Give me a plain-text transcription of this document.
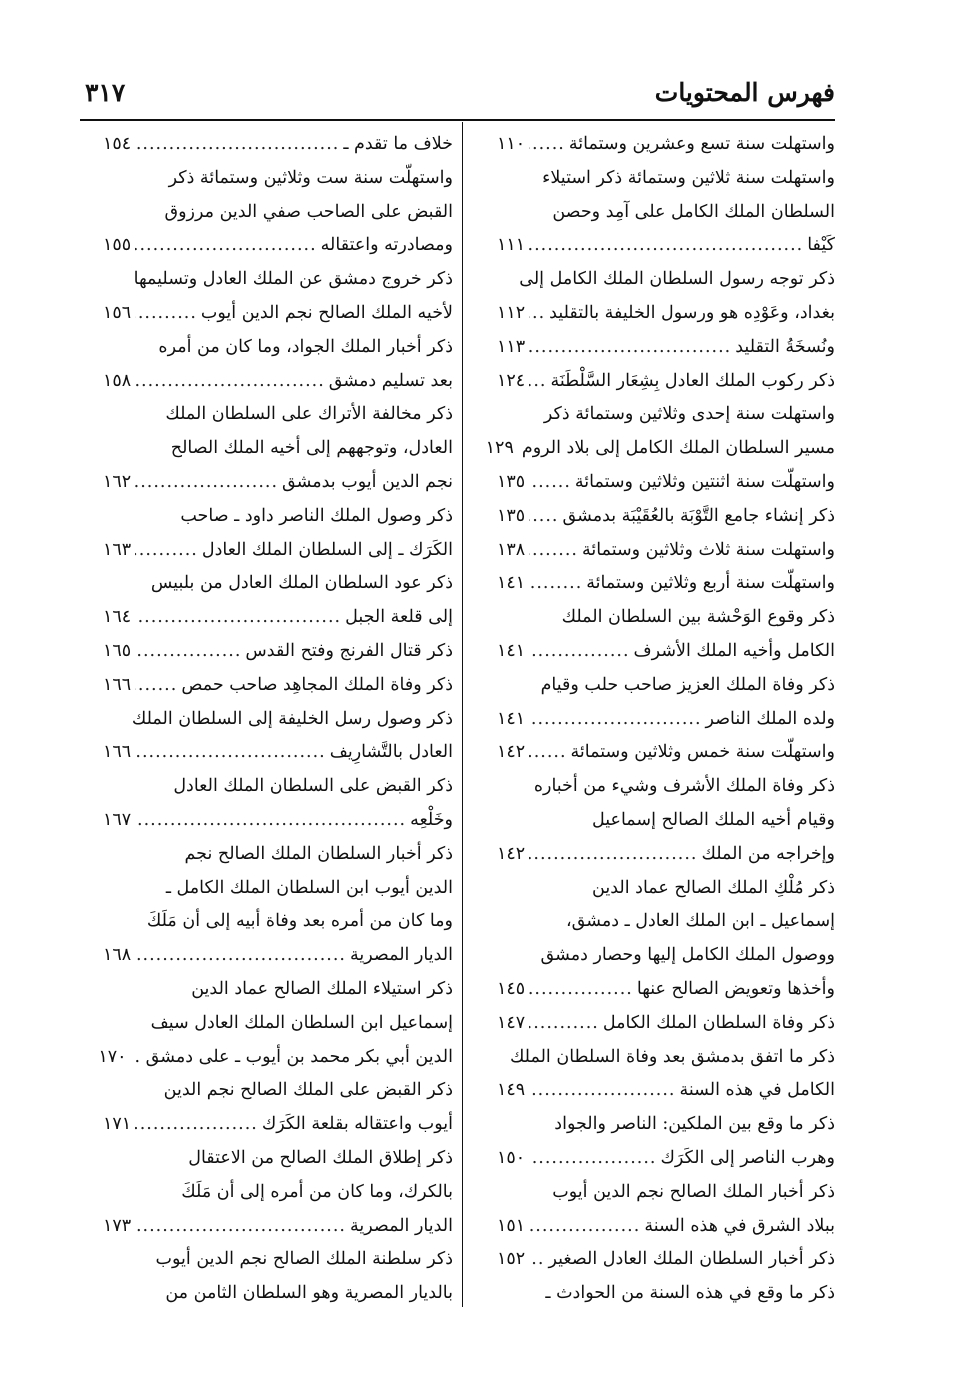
فهرس المحتويات
٣١٧
واستهلت سنة تسع وعشرين وستمائة
.....
١١٠
واستهلت سنة ثلاثين وستمائة ذكر استيلاء
السلطان الملك الكامل على آمِد وحصن
كَيْفا
.....
١١١
ذكر توجه رسول السلطان الملك الكامل إلى
بغداد، وعَوْدِه هو ورسول الخليفة بالتقليد
.....
١١٢
ونُسخَةُ التقليد
.....
١١٣
ذكر ركوب الملك العادل بِشِعَار السَّلْطَنَة
.....
١٢٤
واستهلت سنة إحدى وثلاثين وستمائة ذكر
مسير السلطان الملك الكامل إلى بلاد الروم
١٢٩
واستهلّت سنة اثنتين وثلاثين وستمائة
.....
١٣٥
ذكر إنشاء جامع التَّوْبَة بالعُقَيْبَة بدمشق
.....
١٣٥
واستهلت سنة ثلاث وثلاثين وستمائة
.....
١٣٨
واستهلّت سنة أربع وثلاثين وستمائة
.....
١٤١
ذكر وقوع الوَحْشة بين السلطان الملك
الكامل وأخيه الملك الأشرف
.....
١٤١
ذكر وفاة الملك العزيز صاحب حلب وقيام
ولده الملك الناصر
.....
١٤١
واستهلّت سنة خمس وثلاثين وستمائة
.....
١٤٢
ذكر وفاة الملك الأشرف وشيء من أخباره
وقيام أخيه الملك الصالح إسماعيل
وإخراجه من الملك
.....
١٤٢
ذكر مُلْكِ الملك الصالح عماد الدين
إسماعيل ـ ابن الملك العادل ـ دمشق،
ووصول الملك الكامل إليها وحصار دمشق
وأخذها وتعويض الصالح عنها
.....
١٤٥
ذكر وفاة السلطان الملك الكامل
.....
١٤٧
ذكر ما اتفق بدمشق بعد وفاة السلطان الملك
الكامل في هذه السنة
.....
١٤٩
ذكر ما وقع بين الملكين: الناصر والجواد
وهرب الناصر إلى الكَرَك
.....
١٥٠
ذكر أخبار الملك الصالح نجم الدين أيوب
ببلاد الشرق في هذه السنة
.....
١٥١
ذكر أخبار السلطان الملك العادل الصغير
.....
١٥٢
ذكر ما وقع في هذه السنة من الحوادث ـ
خلاف ما تقدم ـ
.....
١٥٤
واستهلّت سنة ست وثلاثين وستمائة ذكر
القبض على الصاحب صفي الدين مرزوق
ومصادرته واعتقاله
.....
١٥٥
ذكر خروج دمشق عن الملك العادل وتسليمها
لأخيه الملك الصالح نجم الدين أيوب
.....
١٥٦
ذكر أخبار الملك الجواد، وما كان من أمره
بعد تسليم دمشق
.....
١٥٨
ذكر مخالفة الأتراك على السلطان الملك
العادل، وتوجههم إلى أخيه الملك الصالح
نجم الدين أيوب بدمشق
.....
١٦٢
ذكر وصول الملك الناصر داود ـ صاحب
الكَرَك ـ إلى السلطان الملك العادل
.....
١٦٣
ذكر عود السلطان الملك العادل من بلبيس
إلى قلعة الجبل
.....
١٦٤
ذكر قتال الفرنج وفتح القدس
.....
١٦٥
ذكر وفاة الملك المجاهِد صاحب حمص
.....
١٦٦
ذكر وصول رسل الخليفة إلى السلطان الملك
العادل بالتَّشارِيف
.....
١٦٦
ذكر القبض على السلطان الملك العادل
وخَلْعِه
.....
١٦٧
ذكر أخبار السلطان الملك الصالح نجم
الدين أيوب ابن السلطان الملك الكامل ـ
وما كان من أمره بعد وفاة أبيه إلى أن مَلَكَ
الديار المصرية
.....
١٦٨
ذكر استيلاء الملك الصالح عماد الدين
إسماعيل ابن السلطان الملك العادل سيف
الدين أبي بكر محمد بن أيوب ـ على دمشق .
١٧٠
ذكر القبض على الملك الصالح نجم الدين
أيوب واعتقاله بقلعة الكَرَك
.....
١٧١
ذكر إطلاق الملك الصالح من الاعتقال
بالكرك، وما كان من أمره إلى أن مَلَكَ
الديار المصرية
.....
١٧٣
ذكر سلطنة الملك الصالح نجم الدين أيوب
بالديار المصرية وهو السلطان الثامن من
